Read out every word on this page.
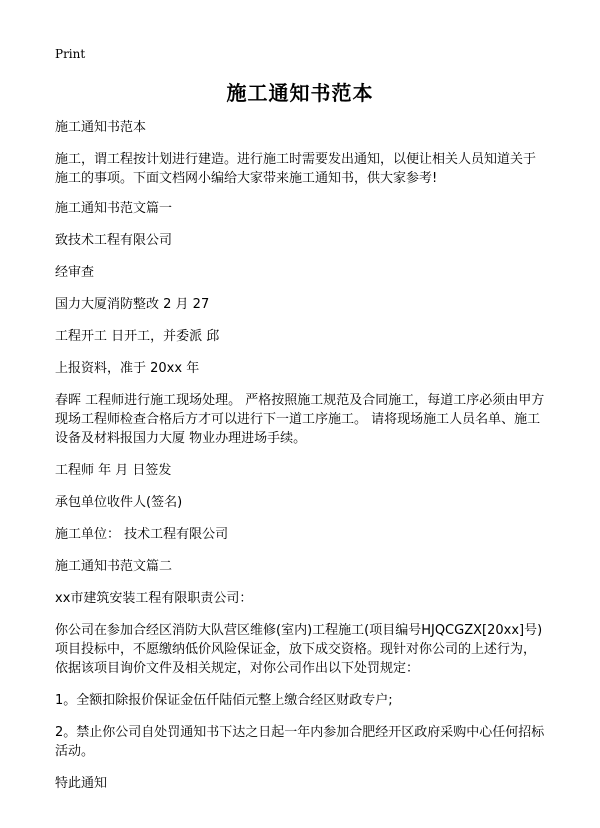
Print
施工通知书范本

施工通知书范本

施工，谓工程按计划进行建造。进行施工时需要发出通知，以便让相关人员知道关于施工的事项。下面文档网小编给大家带来施工通知书，供大家参考!

施工通知书范文篇一

致技术工程有限公司

经审查

国力大厦消防整改 2 月 27

工程开工 日开工，并委派 邱

上报资料，准于 20xx 年

春晖 工程师进行施工现场处理。 严格按照施工规范及合同施工，每道工序必须由甲方 现场工程师检查合格后方才可以进行下一道工序施工。 请将现场施工人员名单、施工设备及材料报国力大厦 物业办理进场手续。

工程师 年 月 日签发

承包单位收件人(签名)

施工单位： 技术工程有限公司

施工通知书范文篇二

xx市建筑安装工程有限职责公司：

你公司在参加合经区消防大队营区维修(室内)工程施工(项目编号HJQCGZX[20xx]号)项目投标中，不愿缴纳低价风险保证金，放下成交资格。现针对你公司的上述行为，依据该项目询价文件及相关规定，对你公司作出以下处罚规定：

1。全额扣除报价保证金伍仟陆佰元整上缴合经区财政专户;

2。禁止你公司自处罚通知书下达之日起一年内参加合肥经开区政府采购中心任何招标活动。

特此通知
